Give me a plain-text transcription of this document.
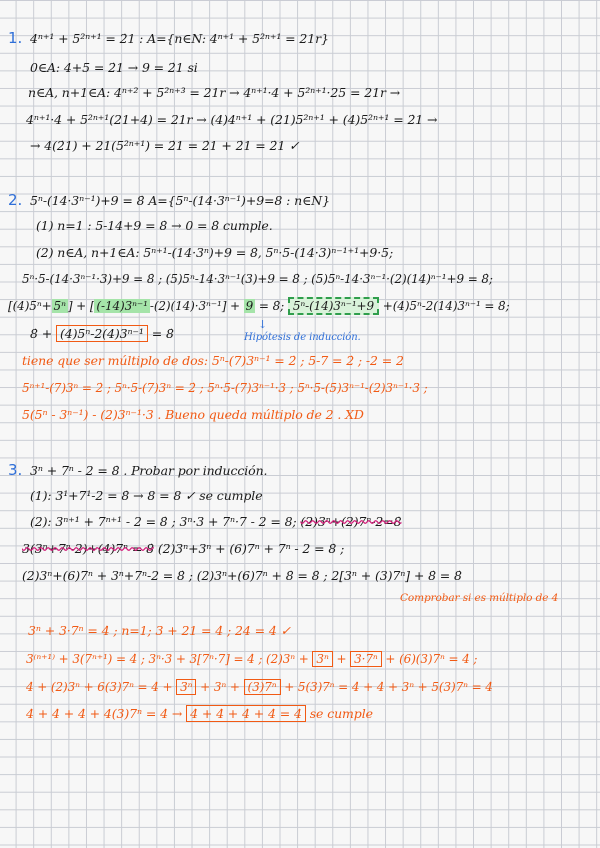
1. 4ⁿ⁺¹ + 5²ⁿ⁺¹ = 2̇1 : A={n∈N: 4ⁿ⁺¹ + 5²ⁿ⁺¹ = 21r}
0∈A: 4+5 = 2̇1 → 9 = 2̇1 si
n∈A, n+1∈A: 4ⁿ⁺² + 5²ⁿ⁺³ = 21r → 4ⁿ⁺¹·4 + 5²ⁿ⁺¹·25 = 21r →
4ⁿ⁺¹·4 + 5²ⁿ⁺¹(21+4) = 21r → (4)4ⁿ⁺¹ + (21)5²ⁿ⁺¹ + (4)5²ⁿ⁺¹ = 2̇1 →
→ 4(2̇1) + 21(5²ⁿ⁺¹) = 2̇1 = 2̇1 + 2̇1 = 2̇1 ✓
2. 5ⁿ-(14·3ⁿ⁻¹)+9 = 8̇ A={5ⁿ-(14·3ⁿ⁻¹)+9=8 : n∈N}
(1) n=1 : 5-14+9 = 8̇ → 0 = 8̇ cumple.
(2) n∈A, n+1∈A: 5ⁿ⁺¹-(14·3ⁿ)+9 = 8̇, 5ⁿ·5-(14·3)ⁿ⁻¹⁺¹+9·5;
5ⁿ·5-(14·3ⁿ⁻¹·3)+9 = 8̇ ; (5)5ⁿ-14·3ⁿ⁻¹(3)+9 = 8̇ ; (5)5ⁿ-14·3ⁿ⁻¹·(2)(14)ⁿ⁻¹+9 = 8̇;
[(4)5ⁿ+ 5ⁿ ] + [ (-14)3ⁿ⁻¹ -(2)(14)·3ⁿ⁻¹] + 9 = 8̇; 5ⁿ-(14)3ⁿ⁻¹+9 +(4)5ⁿ-2(14)3ⁿ⁻¹ = 8̇;
8̇ + (4)5ⁿ-2(4)3ⁿ⁻¹ = 8̇
↓
Hipótesis de inducción.
tiene que ser múltiplo de dos: 5ⁿ-(7)3ⁿ⁻¹ = 2̇ ; 5-7 = 2̇ ; -2 = 2
5ⁿ⁺¹-(7)3ⁿ = 2̇ ; 5ⁿ·5-(7)3ⁿ = 2̇ ; 5ⁿ·5-(7)3ⁿ⁻¹·3 ; 5ⁿ·5-(5)3ⁿ⁻¹-(2)3ⁿ⁻¹·3 ;
5(5ⁿ - 3ⁿ⁻¹) - (2)3ⁿ⁻¹·3 . Bueno queda múltiplo de 2 . XD
3. 3ⁿ + 7ⁿ - 2 = 8̇ . Probar por inducción.
(1): 3¹+7¹-2 = 8̇ → 8 = 8 ✓ se cumple
(2): 3ⁿ⁺¹ + 7ⁿ⁺¹ - 2 = 8̇ ; 3ⁿ·3 + 7ⁿ·7 - 2 = 8; (2)3ⁿ+(2)7ⁿ-2=8̇
3(3ⁿ+7ⁿ-2)+(4)7ⁿ = 8̇ (2)3ⁿ+3ⁿ + (6)7ⁿ + 7ⁿ - 2 = 8̇ ;
(2)3ⁿ+(6)7ⁿ + 3ⁿ+7ⁿ-2 = 8̇ ; (2)3ⁿ+(6)7ⁿ + 8̇ = 8̇ ; 2[3ⁿ + (3)7ⁿ] + 8̇ = 8̇
Comprobar si es múltiplo de 4
3ⁿ + 3·7ⁿ = 4̇ ; n=1; 3 + 21 = 4̇ ; 24 = 4̇ ✓
3⁽ⁿ⁺¹⁾ + 3(7ⁿ⁺¹) = 4̇ ; 3ⁿ·3 + 3[7ⁿ·7] = 4̇ ; (2)3ⁿ + 3ⁿ + 3·7ⁿ + (6)(3)7ⁿ = 4̇ ;
4̇ + (2)3ⁿ + 6(3)7ⁿ = 4̇ + 3ⁿ + 3ⁿ + (3)7ⁿ + 5(3)7ⁿ = 4̇ + 4̇ + 3ⁿ + 5(3)7ⁿ = 4̇
4̇ + 4̇ + 4̇ + 4(3)7ⁿ = 4̇ → 4̇ + 4̇ + 4̇ + 4̇ = 4̇ se cumple
